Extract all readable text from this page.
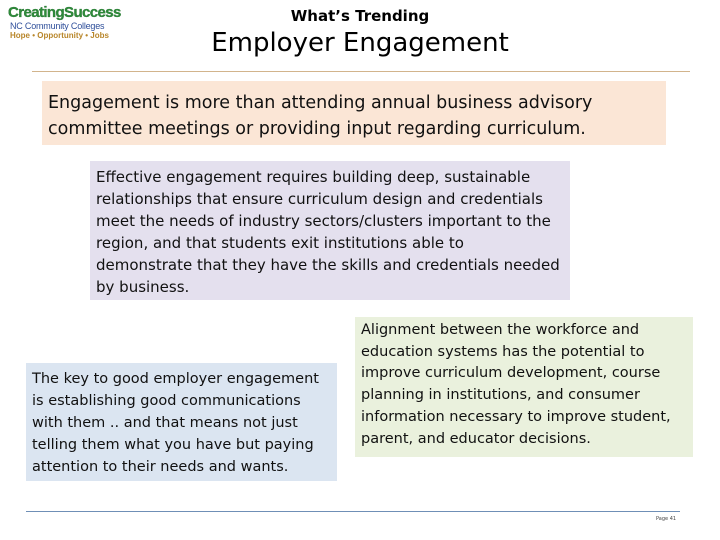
CreatingSuccess
NC Community Colleges
Hope • Opportunity • Jobs
What’s Trending
Employer Engagement
Engagement is more than attending annual business advisory committee meetings or providing input regarding curriculum.
Effective engagement requires building deep, sustainable relationships that ensure curriculum design and credentials meet the needs of industry sectors/clusters important to the region, and that students exit institutions able to demonstrate that they have the skills and credentials needed by business.
The key to good employer engagement is establishing good communications with them .. and that means not just telling them what you have but paying attention to their needs and wants.
Alignment between the workforce and education systems has the potential to improve curriculum development, course planning in institutions, and consumer information necessary to improve student, parent, and educator decisions.
Page 41
